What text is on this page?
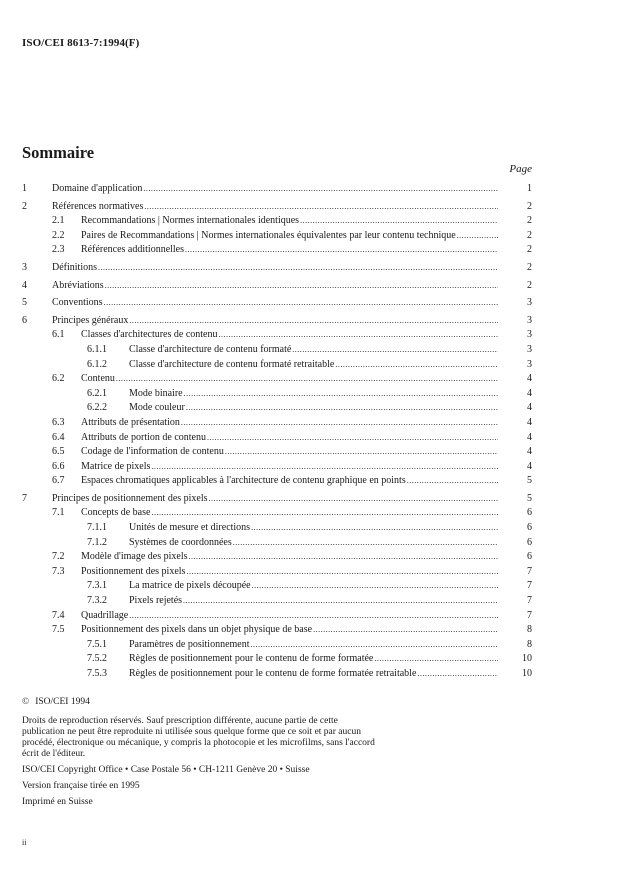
ISO/CEI 8613-7:1994(F)
Sommaire
Page
1	Domaine d'application .....	1
2	Références normatives .....	2
2.1 Recommandations | Normes internationales identiques .....	2
2.2 Paires de Recommandations | Normes internationales équivalentes par leur contenu technique .....	2
2.3 Références additionnelles .....	2
3	Définitions .....	2
4	Abréviations .....	2
5	Conventions .....	3
6	Principes généraux .....	3
6.1 Classes d'architectures de contenu .....	3
6.1.1 Classe d'architecture de contenu formaté .....	3
6.1.2 Classe d'architecture de contenu formaté retraitable .....	3
6.2 Contenu .....	4
6.2.1 Mode binaire .....	4
6.2.2 Mode couleur .....	4
6.3 Attributs de présentation .....	4
6.4 Attributs de portion de contenu .....	4
6.5 Codage de l'information de contenu .....	4
6.6 Matrice de pixels .....	4
6.7 Espaces chromatiques applicables à l'architecture de contenu graphique en points .....	5
7	Principes de positionnement des pixels .....	5
7.1 Concepts de base .....	6
7.1.1 Unités de mesure et directions .....	6
7.1.2 Systèmes de coordonnées .....	6
7.2 Modèle d'image des pixels .....	6
7.3 Positionnement des pixels .....	7
7.3.1 La matrice de pixels découpée .....	7
7.3.2 Pixels rejetés .....	7
7.4 Quadrillage .....	7
7.5 Positionnement des pixels dans un objet physique de base .....	8
7.5.1 Paramètres de positionnement .....	8
7.5.2 Règles de positionnement pour le contenu de forme formatée .....	10
7.5.3 Règles de positionnement pour le contenu de forme formatée retraitable .....	10
© ISO/CEI 1994

Droits de reproduction réservés. Sauf prescription différente, aucune partie de cette publication ne peut être reproduite ni utilisée sous quelque forme que ce soit et par aucun procédé, électronique ou mécanique, y compris la photocopie et les microfilms, sans l'accord écrit de l'éditeur.

ISO/CEI Copyright Office • Case Postale 56 • CH-1211 Genève 20 • Suisse

Version française tirée en 1995

Imprimé en Suisse

ii
